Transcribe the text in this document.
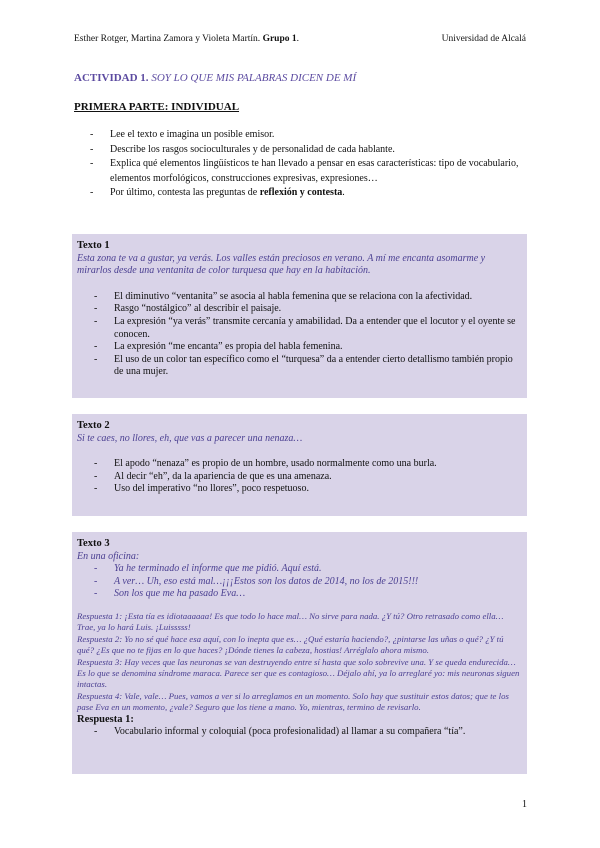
Esther Rotger, Martina Zamora y Violeta Martín. Grupo 1.	Universidad de Alcalá
ACTIVIDAD 1. SOY LO QUE MIS PALABRAS DICEN DE MÍ
PRIMERA PARTE: INDIVIDUAL
- Lee el texto e imagina un posible emisor.
- Describe los rasgos socioculturales y de personalidad de cada hablante.
- Explica qué elementos lingüísticos te han llevado a pensar en esas características: tipo de vocabulario, elementos morfológicos, construcciones expresivas, expresiones…
- Por último, contesta las preguntas de reflexión y contesta.
Texto 1
Esta zona te va a gustar, ya verás. Los valles están preciosos en verano. A mí me encanta asomarme y mirarlos desde una ventanita de color turquesa que hay en la habitación.
- El diminutivo “ventanita” se asocia al habla femenina que se relaciona con la afectividad.
- Rasgo “nostálgico” al describir el paisaje.
- La expresión “ya verás” transmite cercanía y amabilidad. Da a entender que el locutor y el oyente se conocen.
- La expresión “me encanta” es propia del habla femenina.
- El uso de un color tan específico como el “turquesa” da a entender cierto detallismo también propio de una mujer.
Texto 2
Si te caes, no llores, eh, que vas a parecer una nenaza…
- El apodo “nenaza” es propio de un hombre, usado normalmente como una burla.
- Al decir “eh”, da la apariencia de que es una amenaza.
- Uso del imperativo “no llores”, poco respetuoso.
Texto 3
En una oficina:
- Ya he terminado el informe que me pidió. Aquí está.
- A ver… Uh, eso está mal…¡¡¡Estos son los datos de 2014, no los de 2015!!!
- Son los que me ha pasado Eva…
Respuesta 1: ¡Esta tía es idiotaaaaaa! Es que todo lo hace mal… No sirve para nada. ¿Y tú? Otro retrasado como ella… Trae, ya lo hará Luis. ¡Luisssss!
Respuesta 2: Yo no sé qué hace esa aquí, con lo inepta que es… ¿Qué estaría haciendo?, ¿pintarse las uñas o qué? ¿Y tú qué? ¿Es que no te fijas en lo que haces? ¡Dónde tienes la cabeza, hostias! Arréglalo ahora mismo.
Respuesta 3: Hay veces que las neuronas se van destruyendo entre sí hasta que solo sobrevive una. Y se queda endurecida… Es lo que se denomina síndrome maraca. Parece ser que es contagioso… Déjalo ahí, ya lo arreglaré yo: mis neuronas siguen intactas.
Respuesta 4: Vale, vale… Pues, vamos a ver si lo arreglamos en un momento. Solo hay que sustituir estos datos; que te los pase Eva en un momento, ¿vale? Seguro que los tiene a mano. Yo, mientras, termino de revisarlo.
Respuesta 1:
- Vocabulario informal y coloquial (poca profesionalidad) al llamar a su compañera “tía”.
1
